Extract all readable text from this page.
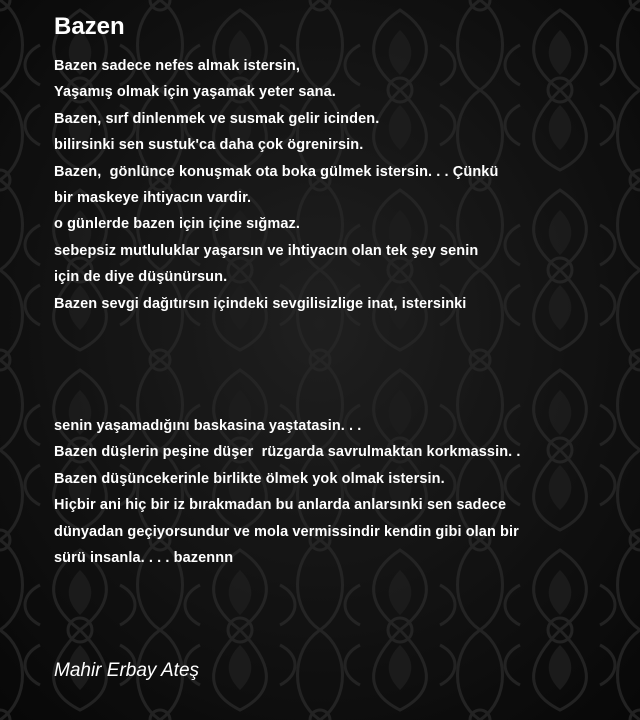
Bazen
Bazen sadece nefes almak istersin,
Yaşamış olmak için yaşamak yeter sana.
Bazen, sırf dinlenmek ve susmak gelir icinden.
bilirsinki sen sustuk'ca daha çok ögrenirsin.
Bazen,  gönlünce konuşmak ota boka gülmek istersin. . . Çünkü
bir maskeye ihtiyacın vardir.
o günlerde bazen için içine sığmaz.
sebepsiz mutluluklar yaşarsın ve ihtiyacın olan tek şey senin
için de diye düşünürsun.
Bazen sevgi dağıtırsın içindeki sevgilisizlige inat, istersinki
senin yaşamadığını baskasina yaştatasin. . .
Bazen düşlerin peşine düşer  rüzgarda savrulmaktan korkmassin. .
Bazen düşüncekerinle birlikte ölmek yok olmak istersin.
Hiçbir ani hiç bir iz bırakmadan bu anlarda anlarsınki sen sadece
dünyadan geçiyorsundur ve mola vermissindir kendin gibi olan bir
sürü insanla. . . . bazennn
Mahir Erbay Ateş
